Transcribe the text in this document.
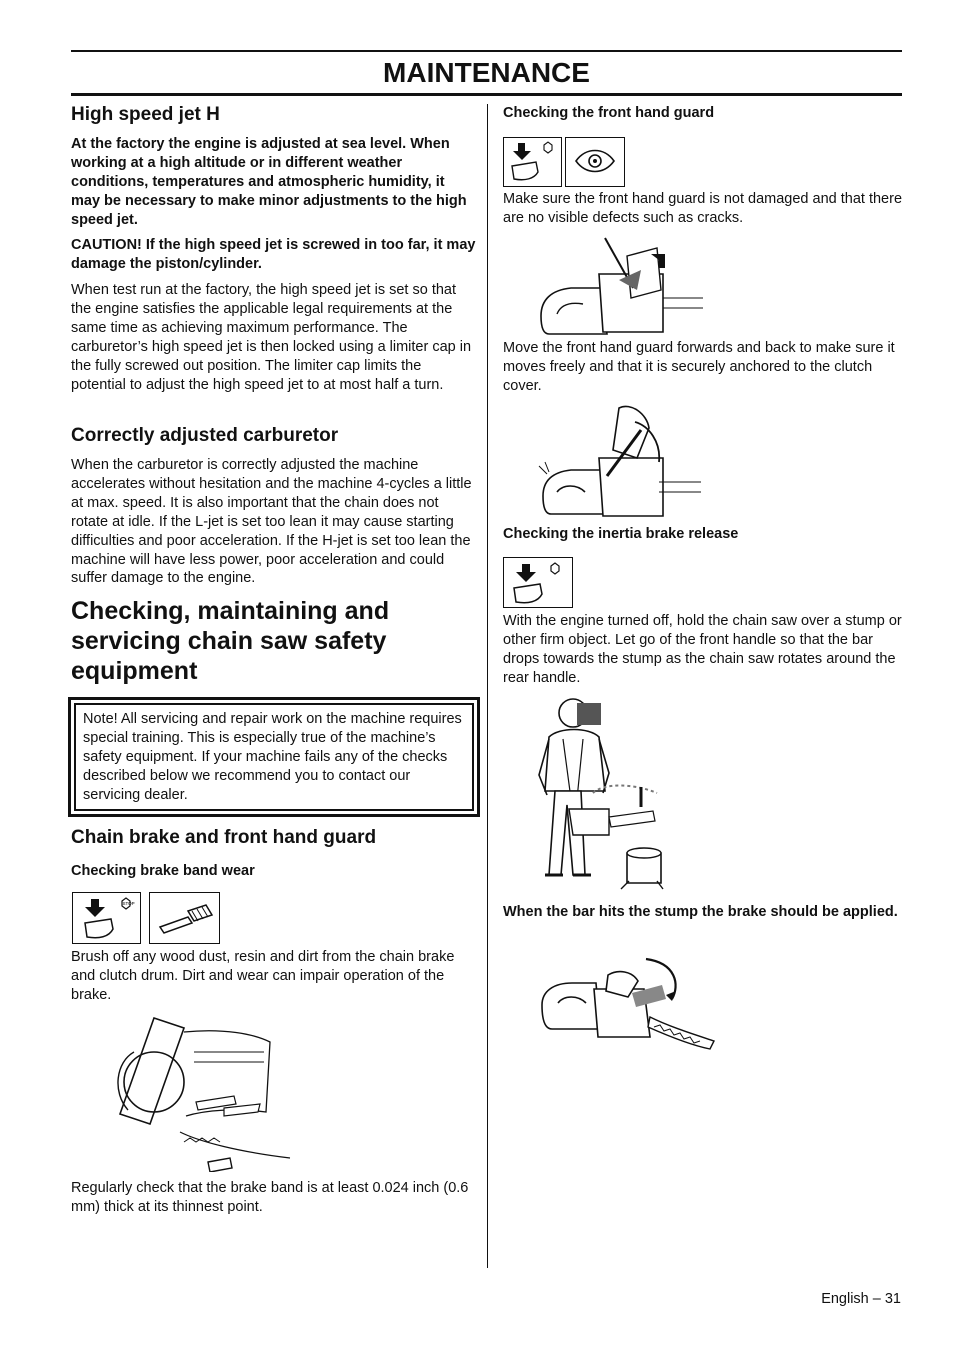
MAINTENANCE
High speed jet H

At the factory the engine is adjusted at sea level. When working at a high altitude or in different weather conditions, temperatures and atmospheric humidity, it may be necessary to make minor adjustments to the high speed jet.

CAUTION! If the high speed jet is screwed in too far, it may damage the piston/cylinder.

When test run at the factory, the high speed jet is set so that the engine satisfies the applicable legal requirements at the same time as achieving maximum performance. The carburetor’s high speed jet is then locked using a limiter cap in the fully screwed out position. The limiter cap limits the potential to adjust the high speed jet to at most half a turn.

Correctly adjusted carburetor

When the carburetor is correctly adjusted the machine accelerates without hesitation and the machine 4-cycles a little at max. speed. It is also important that the chain does not rotate at idle. If the L-jet is set too lean it may cause starting difficulties and poor acceleration. If the H-jet is set too lean the machine will have less power, poor acceleration and could suffer damage to the engine.

Checking, maintaining and servicing chain saw safety equipment

Note! All servicing and repair work on the machine requires special training. This is especially true of the machine’s safety equipment. If your machine fails any of the checks described below we recommend you to contact our servicing dealer.

Chain brake and front hand guard
Checking brake band wear
STOP

Brush off any wood dust, resin and dirt from the chain brake and clutch drum. Dirt and wear can impair operation of the brake.

Regularly check that the brake band is at least 0.024 inch (0.6 mm) thick at its thinnest point.

Checking the front hand guard

Make sure the front hand guard is not damaged and that there are no visible defects such as cracks.

Move the front hand guard forwards and back to make sure it moves freely and that it is securely anchored to the clutch cover.

Checking the inertia brake release

With the engine turned off, hold the chain saw over a stump or other firm object. Let go of the front handle so that the bar drops towards the stump as the chain saw rotates around the rear handle.

When the bar hits the stump the brake should be applied.

English – 31
